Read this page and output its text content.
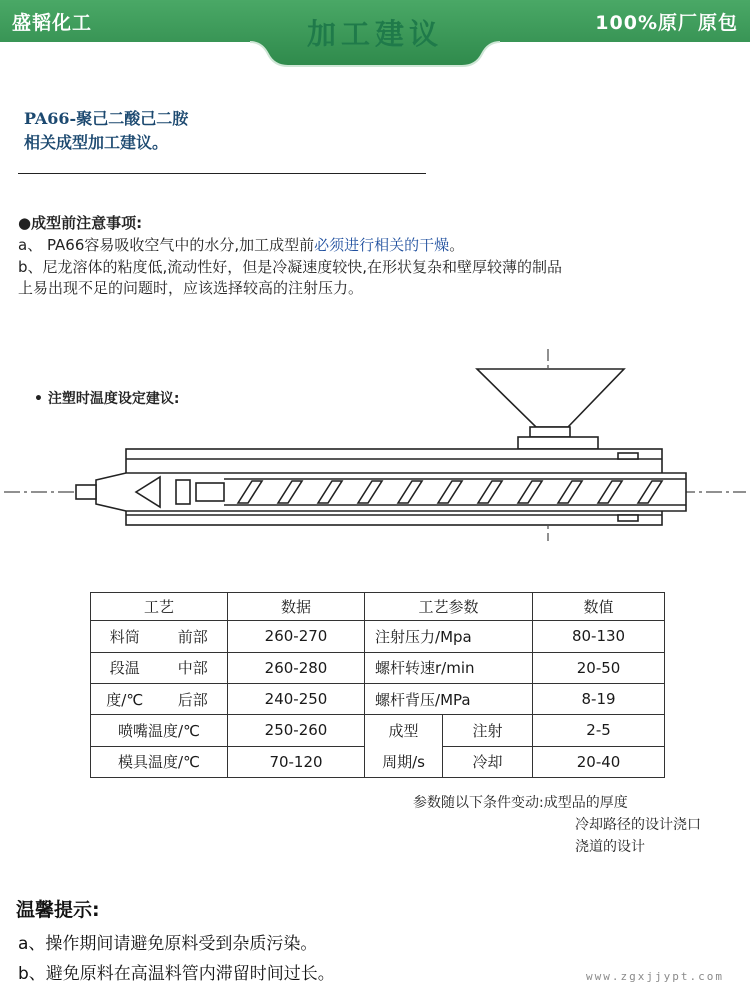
盛韬化工	加工建议	100%原厂原包
PA66-聚己二酸己二胺
相关成型加工建议。
●成型前注意事项:
a、 PA66容易吸收空气中的水分,加工成型前必须进行相关的干燥。
b、尼龙溶体的粘度低,流动性好，但是冷凝速度较快,在形状复杂和壁厚较薄的制品
上易出现不足的问题时，应该选择较高的注射压力。
• 注塑时温度设定建议:
工艺		数据	工艺参数		数值
料筒	前部	260-270	注射压力/Mpa		80-130
段温	中部	260-280	螺杆转速r/min		20-50
度/℃	后部	240-250	螺杆背压/MPa		8-19
喷嘴温度/℃		250-260	成型	注射	2-5
模具温度/℃		70-120	周期/s	冷却	20-40
参数随以下条件变动:成型品的厚度
冷却路径的设计浇口
浇道的设计
温馨提示:
a、操作期间请避免原料受到杂质污染。
b、避免原料在高温料管内滞留时间过长。	www.zgxjjypt.com
